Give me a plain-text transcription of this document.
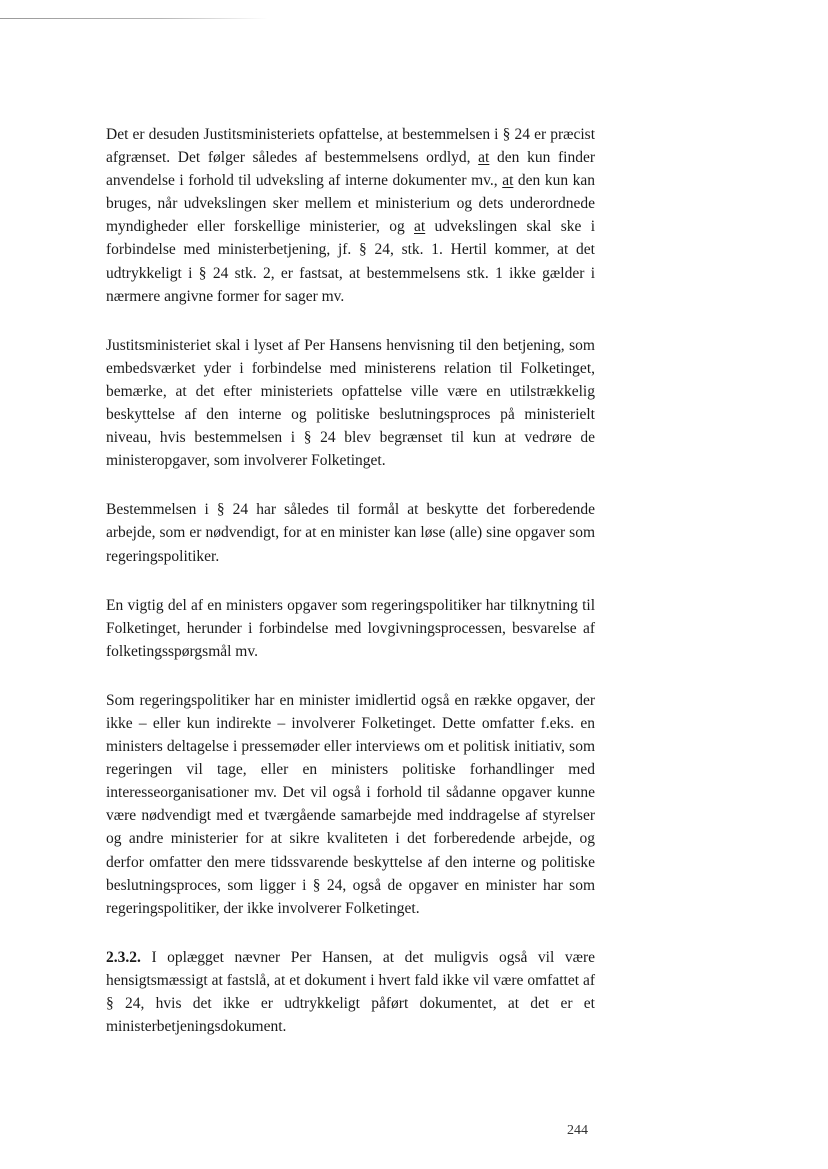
Det er desuden Justitsministeriets opfattelse, at bestemmelsen i § 24 er præcist afgrænset. Det følger således af bestemmelsens ordlyd, at den kun finder anvendelse i forhold til udveksling af interne dokumenter mv., at den kun kan bruges, når udvekslingen sker mellem et ministerium og dets underordnede myndigheder eller forskellige ministerier, og at udvekslingen skal ske i forbindelse med ministerbetjening, jf. § 24, stk. 1. Hertil kommer, at det udtrykkeligt i § 24 stk. 2, er fastsat, at bestemmelsens stk. 1 ikke gælder i nærmere angivne former for sager mv.

Justitsministeriet skal i lyset af Per Hansens henvisning til den betjening, som embedsværket yder i forbindelse med ministerens relation til Folketinget, bemærke, at det efter ministeriets opfattelse ville være en utilstrækkelig beskyttelse af den interne og politiske beslutningsproces på ministerielt niveau, hvis bestemmelsen i § 24 blev begrænset til kun at vedrøre de ministeropgaver, som involverer Folketinget.

Bestemmelsen i § 24 har således til formål at beskytte det forberedende arbejde, som er nødvendigt, for at en minister kan løse (alle) sine opgaver som regeringspolitiker.

En vigtig del af en ministers opgaver som regeringspolitiker har tilknytning til Folketinget, herunder i forbindelse med lovgivningsprocessen, besvarelse af folketingsspørgsmål mv.

Som regeringspolitiker har en minister imidlertid også en række opgaver, der ikke – eller kun indirekte – involverer Folketinget. Dette omfatter f.eks. en ministers deltagelse i pressemøder eller interviews om et politisk initiativ, som regeringen vil tage, eller en ministers politiske forhandlinger med interesseorganisationer mv. Det vil også i forhold til sådanne opgaver kunne være nødvendigt med et tværgående samarbejde med inddragelse af styrelser og andre ministerier for at sikre kvaliteten i det forberedende arbejde, og derfor omfatter den mere tidssvarende beskyttelse af den interne og politiske beslutningsproces, som ligger i § 24, også de opgaver en minister har som regeringspolitiker, der ikke involverer Folketinget.

2.3.2. I oplægget nævner Per Hansen, at det muligvis også vil være hensigtsmæssigt at fastslå, at et dokument i hvert fald ikke vil være omfattet af § 24, hvis det ikke er udtrykkeligt påført dokumentet, at det er et ministerbetjeningsdokument.

244
